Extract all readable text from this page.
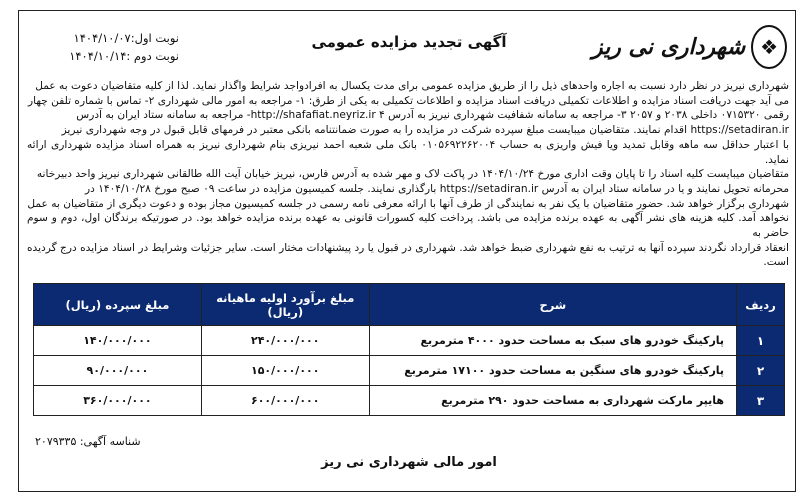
❖
شهرداری نی ریز
آگهی تجدید مزایده عمومی
نوبت اول:۱۴۰۴/۱۰/۰۷
نوبت دوم :۱۴۰۴/۱۰/۱۴
شهرداری نیریز در نظر دارد نسبت به اجاره واحدهای ذیل را از طریق مزایده عمومی برای مدت یکسال به افرادواجد شرایط واگذار نماید. لذا از کلیه متقاضیان دعوت به عمل
می آید جهت دریافت اسناد مزایده و اطلاعات تکمیلی دریافت اسناد مزایده و اطلاعات تکمیلی به یکی از طرق: ۱- مراجعه به امور مالی شهرداری ۲- تماس با شماره تلفن چهار
رقمی ۰۷۱۵۳۲۰ داخلی ۲۰۳۸ و ۲۰۵۷ ۳- مراجعه به سامانه شفافیت شهرداری نیریز به آدرس http://shafafiat.neyriz.ir ۴- مراجعه به سامانه ستاد ایران به آدرس
https://setadiran.ir اقدام نمایند. متقاضیان میبایست مبلغ سپرده شرکت در مزایده را به صورت ضمانتنامه بانکی معتبر در فرمهای قابل قبول در وجه شهرداری نیریز
با اعتبار حداقل سه ماهه وقابل تمدید ویا فیش واریزی به حساب ۰۱۰۵۶۹۲۲۶۲۰۰۴ بانک ملی شعبه احمد نیریزی بنام شهرداری نیریز به همراه اسناد مزایده شهرداری ارائه نماید.
متقاضیان میبایست کلیه اسناد را تا پایان وقت اداری مورخ ۱۴۰۴/۱۰/۲۴ در پاکت لاک و مهر شده به آدرس فارس، نیریز خیابان آیت الله طالقانی شهرداری نیریز واحد دبیرخانه
محرمانه تحویل نمایند و یا در سامانه ستاد ایران به آدرس https://setadiran.ir بارگذاری نمایند. جلسه کمیسیون مزایده در ساعت ۰۹ صبح مورخ ۱۴۰۴/۱۰/۲۸ در
شهرداری برگزار خواهد شد. حضور متقاضیان با یک نفر به نمایندگی از طرف آنها با ارائه معرفی نامه رسمی در جلسه کمیسیون مجاز بوده و دعوت دیگری از متقاضیان به عمل
نخواهد آمد. کلیه هزینه های نشر آگهی به عهده برنده مزایده می باشد. پرداخت کلیه کسورات قانونی به عهده برنده مزایده خواهد بود. در صورتیکه برندگان اول، دوم و سوم حاضر به
انعقاد قرارداد نگردند سپرده آنها به ترتیب به نفع شهرداری ضبط خواهد شد. شهرداری در قبول یا رد پیشنهادات مختار است. سایر جزئیات وشرایط در اسناد مزایده درج گردیده است.
ردیف	شرح	مبلغ برآورد اولیه ماهیانه (ریال)	مبلغ سپرده (ریال)
۱	پارکینگ خودرو های سبک به مساحت حدود ۴۰۰۰ مترمربع	۲۴۰/۰۰۰/۰۰۰	۱۴۰/۰۰۰/۰۰۰
۲	پارکینگ خودرو های سنگین به مساحت حدود ۱۷۱۰۰ مترمربع	۱۵۰/۰۰۰/۰۰۰	۹۰/۰۰۰/۰۰۰
۳	هایپر مارکت شهرداری به مساحت حدود ۲۹۰ مترمربع	۶۰۰/۰۰۰/۰۰۰	۳۶۰/۰۰۰/۰۰۰
شناسه آگهی: ۲۰۷۹۳۳۵
امور مالی شهرداری نی ریز
